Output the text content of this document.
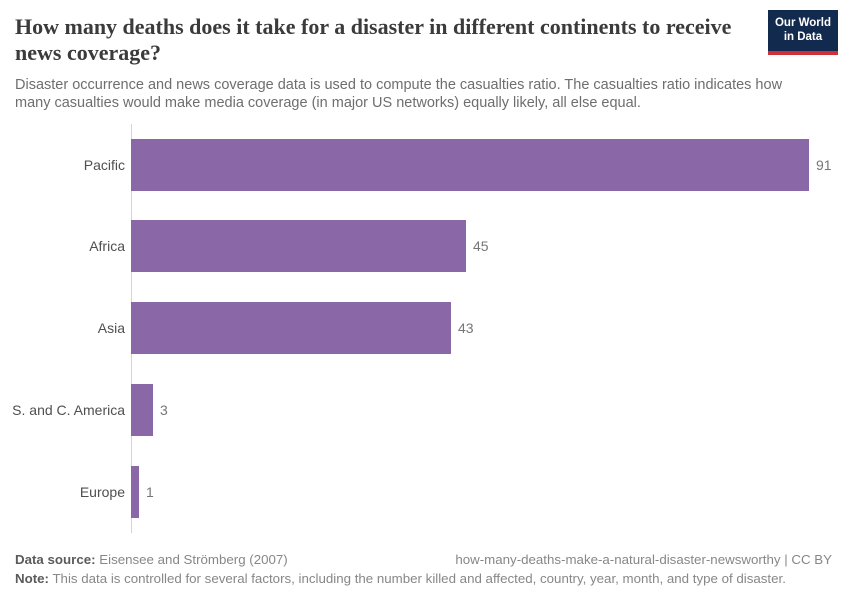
How many deaths does it take for a disaster in different continents to receive news coverage?
Our World
in Data

Disaster occurrence and news coverage data is used to compute the casualties ratio. The casualties ratio indicates how many casualties would make media coverage (in major US networks) equally likely, all else equal.

Pacific	91
Africa	45
Asia	43
S. and C. America	3
Europe	1
Data source: Eisensee and Strömberg (2007)	how-many-deaths-make-a-natural-disaster-newsworthy | CC BY
Note: This data is controlled for several factors, including the number killed and affected, country, year, month, and type of disaster.
